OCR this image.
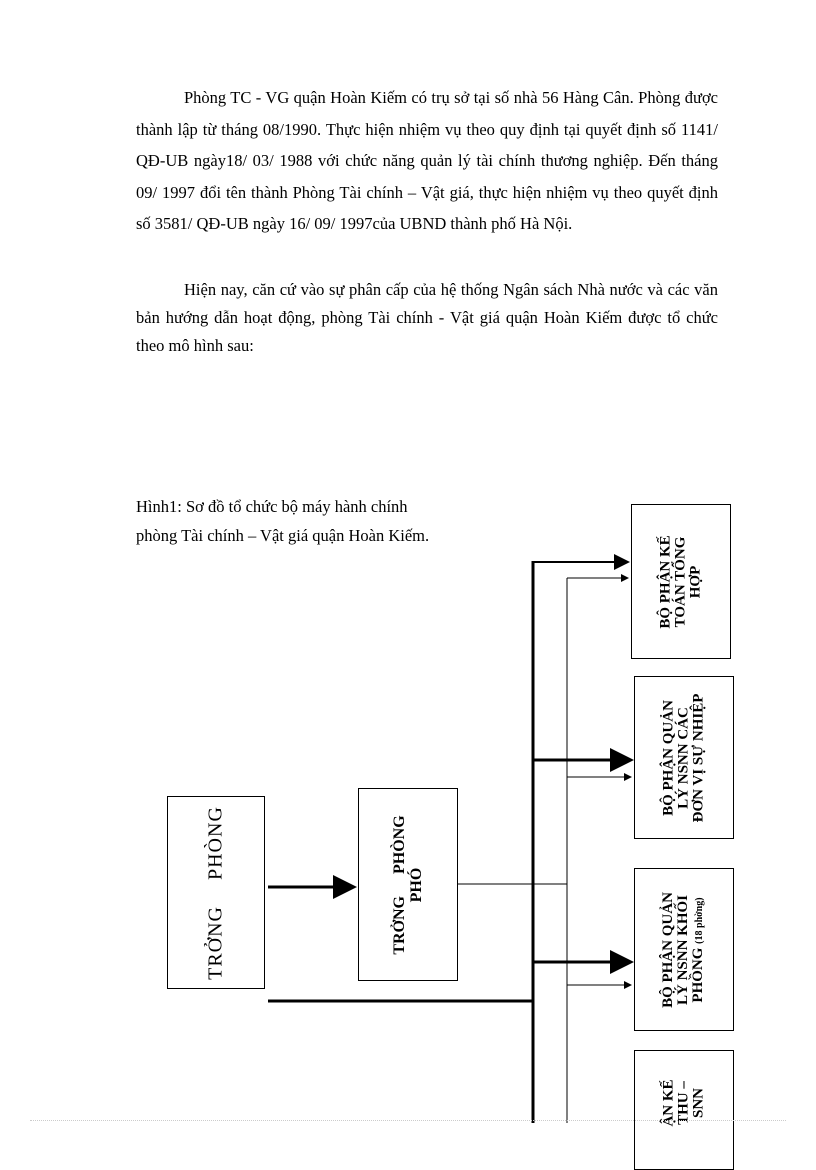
Phòng TC - VG quận Hoàn Kiếm có trụ sở tại số nhà 56 Hàng Cân. Phòng được thành lập từ tháng 08/1990. Thực hiện nhiệm vụ theo quy định tại quyết định số 1141/ QĐ-UB ngày18/ 03/ 1988 với chức năng quản lý tài chính thương nghiệp. Đến tháng 09/ 1997 đổi tên thành Phòng Tài chính – Vật giá, thực hiện nhiệm vụ theo quyết định số 3581/ QĐ-UB ngày 16/ 09/ 1997của UBND thành phố Hà Nội.

Hiện nay, căn cứ vào sự phân cấp của hệ thống Ngân sách Nhà nước và các văn bản hướng dẫn hoạt động, phòng Tài chính - Vật giá quận Hoàn Kiếm được tổ chức theo mô hình sau:

Hình1: Sơ đồ tổ chức bộ máy hành chính
phòng Tài chính – Vật giá quận Hoàn Kiếm.
TRỞNG PHÒNG	TRỞNG PHÒNG PHÓ
BỘ PHẬN KẾ TOÁN TỔNG HỢP
BỘ PHẬN QUẢN LÝ NSNN CÁC ĐƠN VỊ SỰ NHIỆP
BỘ PHẬN QUẢN LÝ NSNN KHỐI PHỒNG (18 phờng)
ẬN KẾ THU – SNN
